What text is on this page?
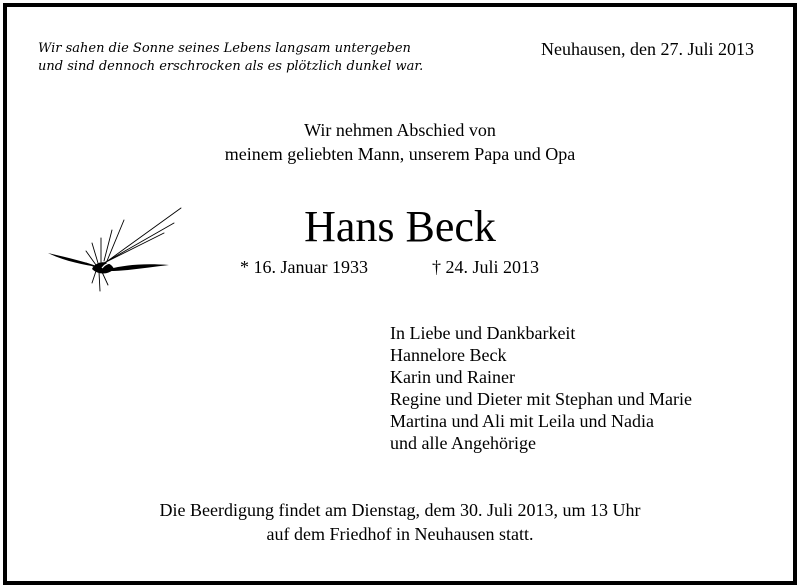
Wir sahen die Sonne seines Lebens langsam untergeben
und sind dennoch erschrocken als es plötzlich dunkel war.
Neuhausen, den 27. Juli 2013
Wir nehmen Abschied von
meinem geliebten Mann, unserem Papa und Opa
Hans Beck
* 16. Januar 1933	† 24. Juli 2013
In Liebe und Dankbarkeit
Hannelore Beck
Karin und Rainer
Regine und Dieter mit Stephan und Marie
Martina und Ali mit Leila und Nadia
und alle Angehörige
Die Beerdigung findet am Dienstag, dem 30. Juli 2013, um 13 Uhr
auf dem Friedhof in Neuhausen statt.
